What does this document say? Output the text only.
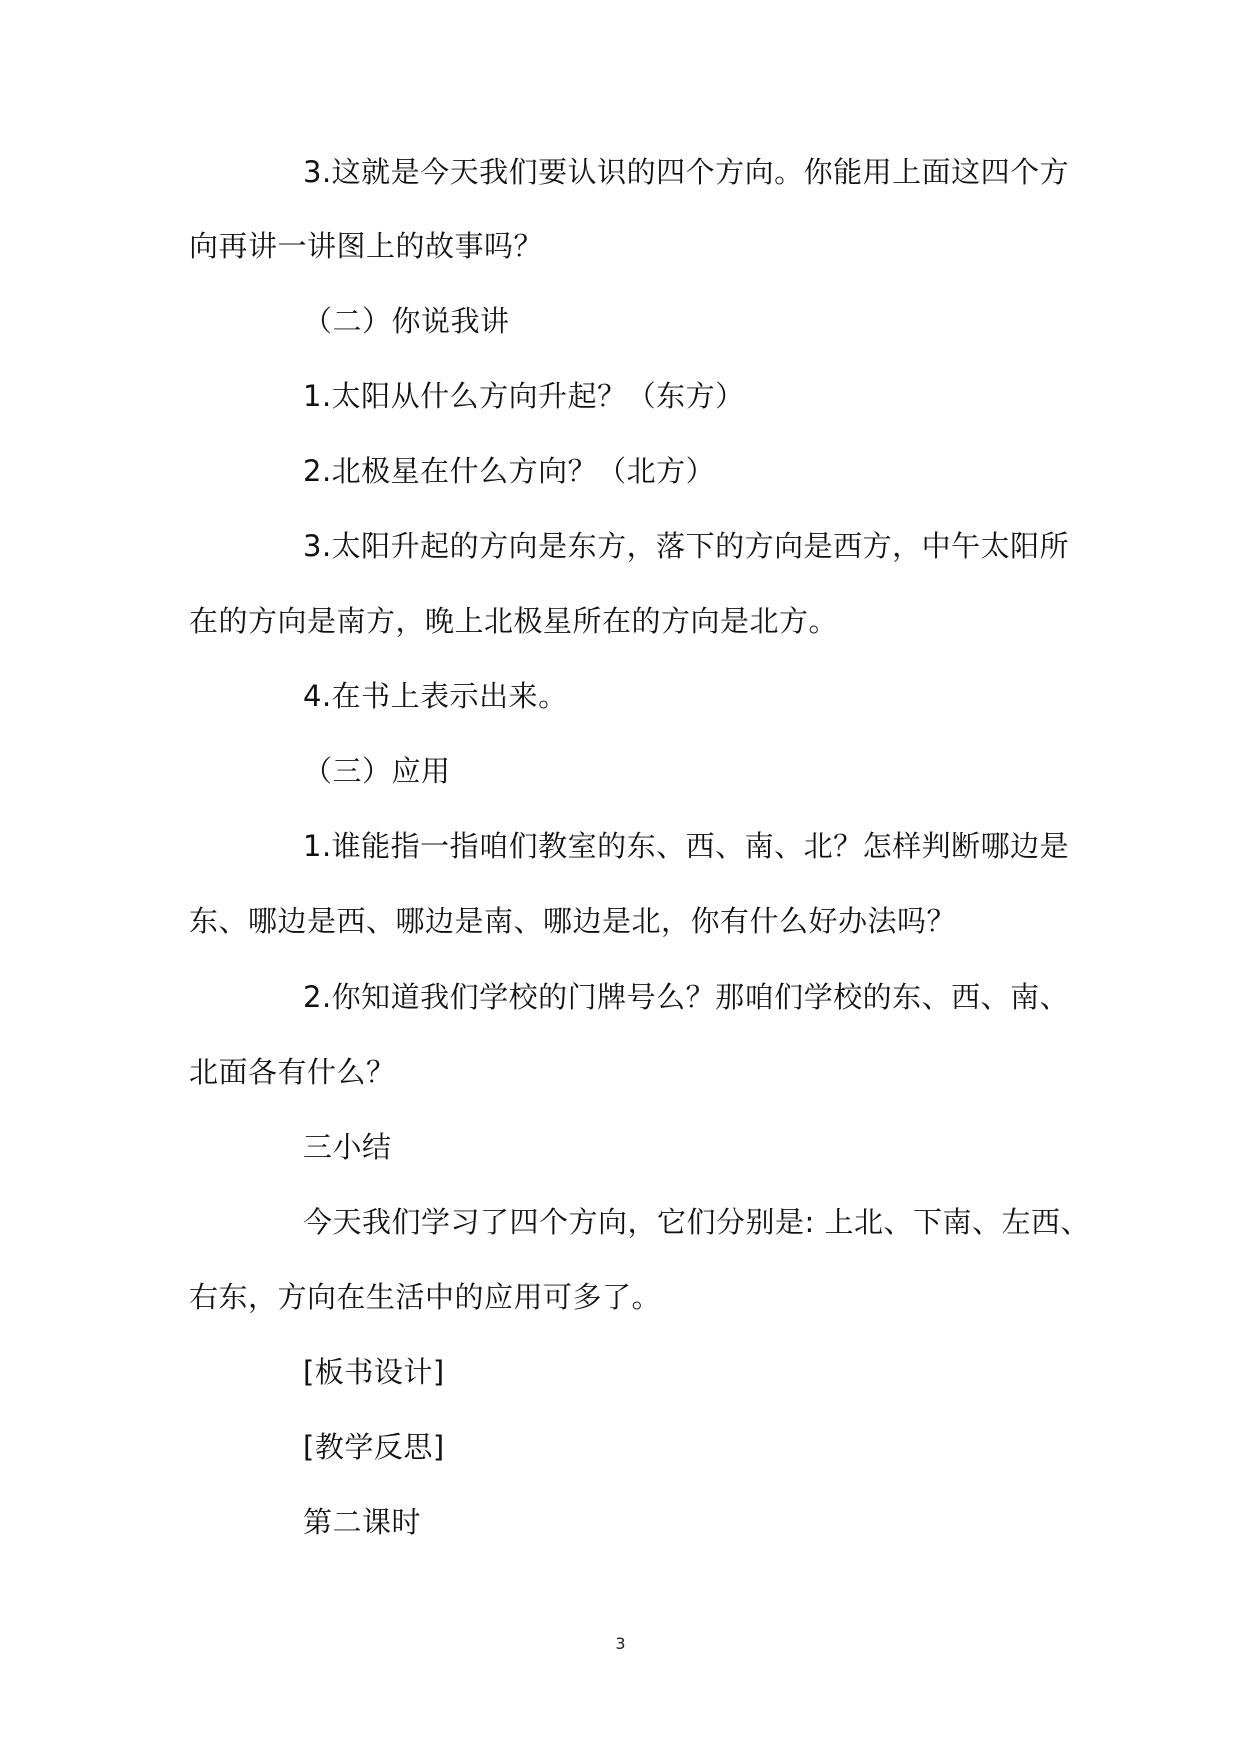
3.这就是今天我们要认识的四个方向。你能用上面这四个方
向再讲一讲图上的故事吗？
（二）你说我讲
1.太阳从什么方向升起？（东方）
2.北极星在什么方向？（北方）
3.太阳升起的方向是东方，落下的方向是西方，中午太阳所
在的方向是南方，晚上北极星所在的方向是北方。
4.在书上表示出来。
（三）应用
1.谁能指一指咱们教室的东、西、南、北？怎样判断哪边是
东、哪边是西、哪边是南、哪边是北，你有什么好办法吗？
2.你知道我们学校的门牌号么？那咱们学校的东、西、南、
北面各有什么？
三小结
今天我们学习了四个方向，它们分别是: 上北、下南、左西、
右东，方向在生活中的应用可多了。
[板书设计]
[教学反思]
第二课时
3
